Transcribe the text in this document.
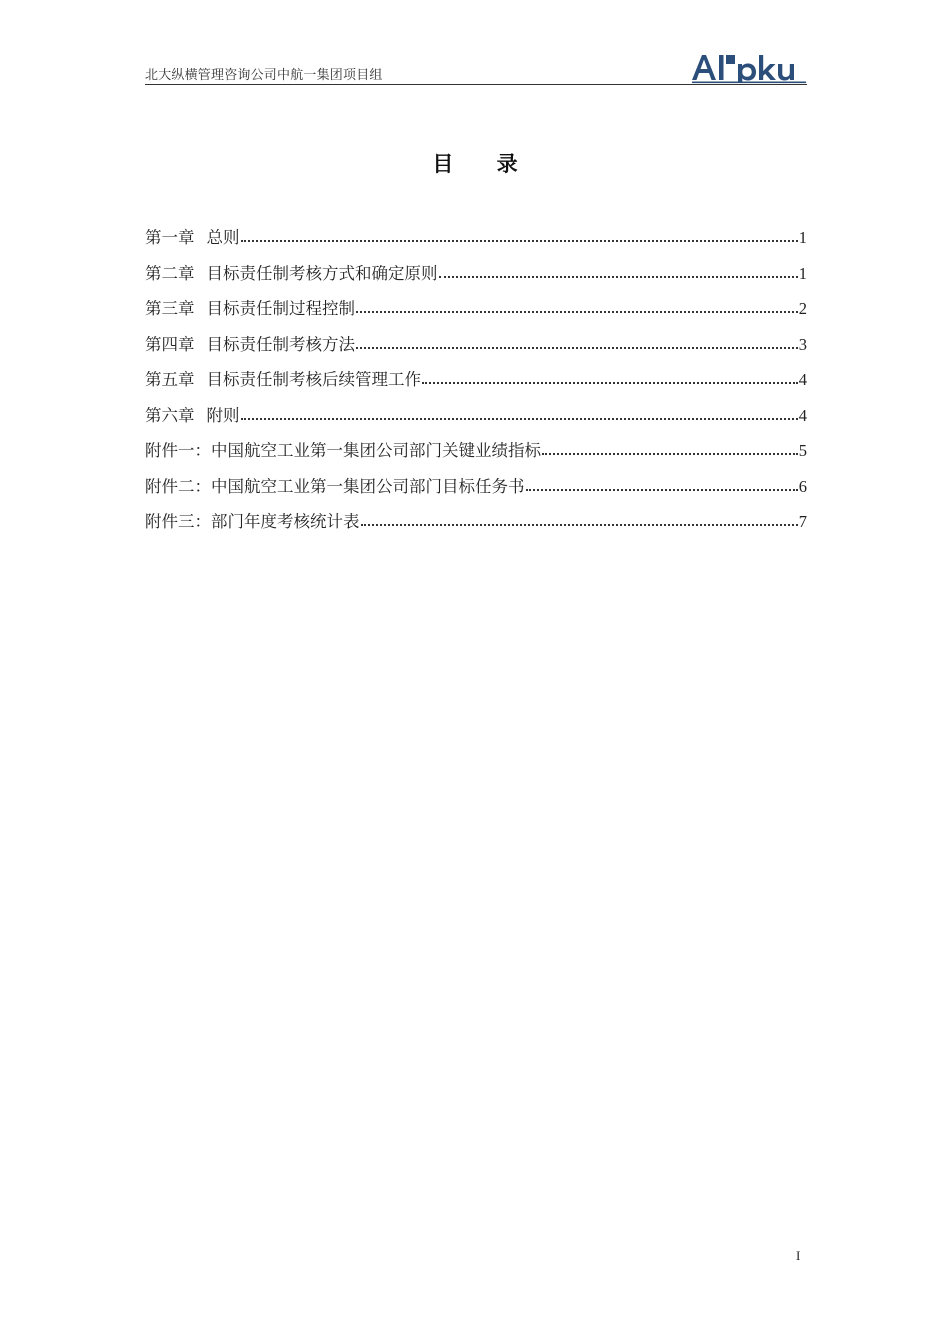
北大纵横管理咨询公司中航一集团项目组
目 录
第一章 总则	1
第二章 目标责任制考核方式和确定原则	1
第三章 目标责任制过程控制	2
第四章 目标责任制考核方法	3
第五章 目标责任制考核后续管理工作	4
第六章 附则	4
附件一：中国航空工业第一集团公司部门关键业绩指标	5
附件二：中国航空工业第一集团公司部门目标任务书	6
附件三：部门年度考核统计表	7
I
